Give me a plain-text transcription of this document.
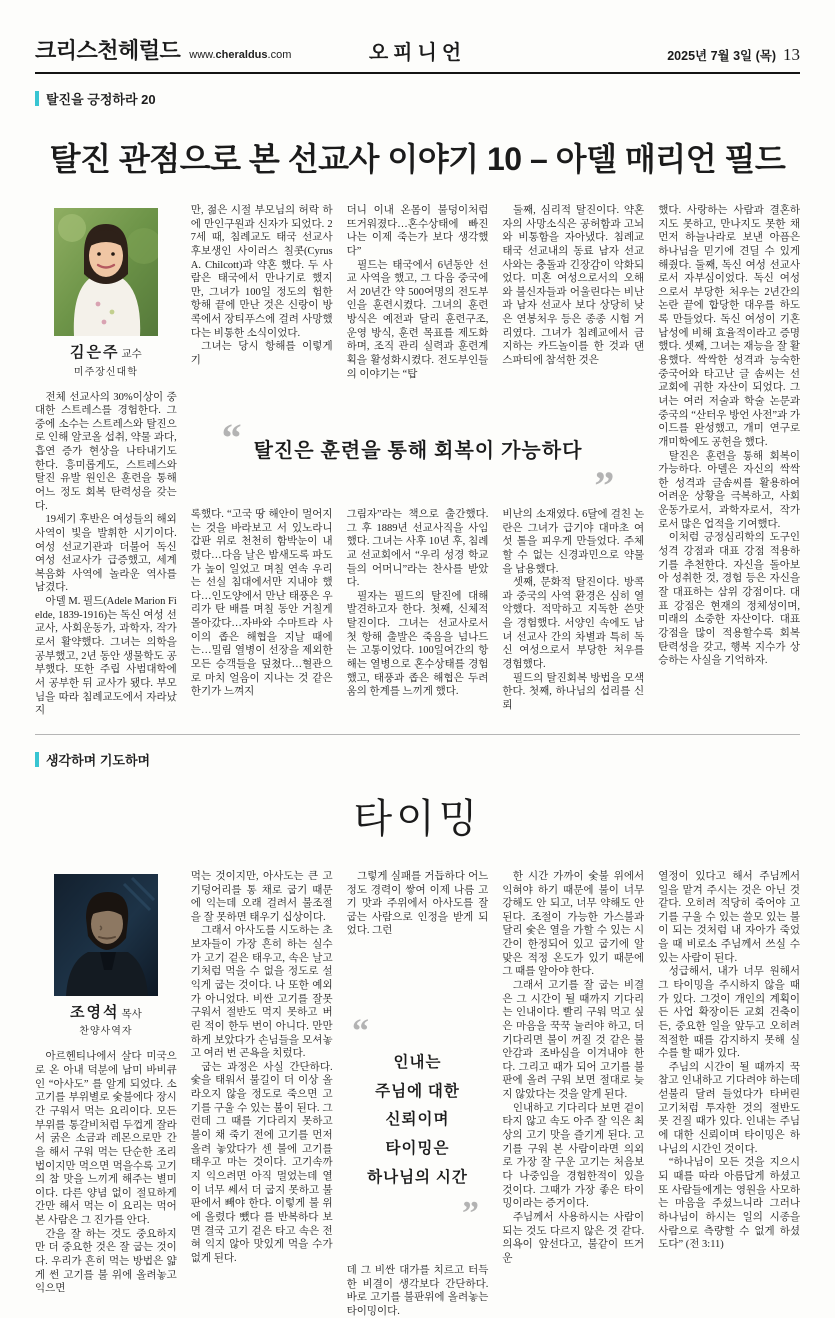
크리스천헤럴드 www.cheraldus.com	오피니언	2025년 7월 3일 (목) 13
탈진을 긍정하라 20
탈진 관점으로 본 선교사 이야기 10 – 아델 매리언 필드
김은주 교수
미주장신대학

전체 선교사의 30%이상이 중대한 스트레스를 경험한다. 그 중에 소수는 스트레스와 탈진으로 인해 알코올 섭취, 약물 과다, 흡연 증가 현상을 나타내기도 한다. 흥미롭게도, 스트레스와 탈진 유발 원인은 훈련을 통해 어느 정도 회복 탄력성을 갖는다.

19세기 후반은 여성들의 해외 사역이 빛을 발휘한 시기이다. 여성 선교기관과 더불어 독신 여성 선교사가 급증했고, 세계 복음화 사역에 놀라운 역사를 남겼다.

아델 M. 필드(Adele Marion Fielde, 1839-1916)는 독신 여성 선교사, 사회운동가, 과학자, 작가로서 활약했다. 그녀는 의학을 공부했고, 2년 동안 생물학도 공부했다. 또한 주립 사범대학에서 공부한 뒤 교사가 됐다. 부모님을 따라 침례교도에서 자라났지

만, 젊은 시절 부모님의 허락 하에 만인구원과 신자가 되었다. 27세 때, 침례교도 태국 선교사 후보생인 사이러스 칠콧(Cyrus A. Chilcott)과 약혼 했다. 두 사람은 태국에서 만나기로 했지만, 그녀가 100일 정도의 험한 항해 끝에 만난 것은 신랑이 방콕에서 장티푸스에 걸려 사망했다는 비통한 소식이었다.

그녀는 당시 항해를 이렇게 기

록했다. “고국 땅 해안이 멀어지는 것을 바라보고 서 있노라니 갑판 위로 천천히 함박눈이 내렸다…다음 날은 밤새도록 파도가 높이 일었고 며칠 연속 우리는 선실 침대에서만 지내야 했다…인도양에서 만난 태풍은 우리가 탄 배를 며칠 동안 거칠게 몰아갔다…자바와 수마트라 사이의 좁은 해협을 지날 때에는…밀림 열병이 선장을 제외한 모든 승객들을 덮쳤다…혈관으로 마치 얼음이 지나는 것 같은 한기가 느껴지

더니 이내 온몸이 불덩이처럼 뜨거워졌다…혼수상태에 빠진 나는 이제 죽는가 보다 생각했다”

필드는 태국에서 6년동안 선교 사역을 했고, 그 다음 중국에서 20년간 약 500여명의 전도부인을 훈련시켰다. 그녀의 훈련방식은 예전과 달리 훈련구조, 운영 방식, 훈련 목표를 제도화하며, 조직 관리 실력과 훈련계획을 활성화시켰다. 전도부인들의 이야기는 “탑

그림자”라는 책으로 출간했다. 그 후 1889년 선교사직을 사임했다. 그녀는 사후 10년 후, 침례교 선교회에서 “우리 성경 학교들의 어머니”라는 찬사를 받았다.

필자는 필드의 탈진에 대해 발견하고자 한다. 첫째, 신체적 탈진이다. 그녀는 선교사로서 첫 항해 출발은 죽음을 넘나드는 고통이었다. 100일여간의 항해는 열병으로 혼수상태를 경험했고, 태풍과 좁은 해협은 두려움의 한계를 느끼게 했다.

둘째, 심리적 탈진이다. 약혼자의 사망소식은 공허함과 고뇌와 비통함을 자아냈다. 침례교 태국 선교내의 동료 남자 선교사와는 충돌과 긴장감이 악화되었다. 미혼 여성으로서의 오해와 불신자들과 어울린다는 비난과 남자 선교사 보다 상당히 낮은 연봉처우 등은 종종 시험 거리였다. 그녀가 침례교에서 금지하는 카드놀이를 한 것과 댄스파티에 참석한 것은

비난의 소재였다. 6달에 걸친 논란은 그녀가 급기야 대마초 여섯 톨을 피우게 만들었다. 주체할 수 없는 신경과민으로 약물을 남용했다.

셋째, 문화적 탈진이다. 방콕과 중국의 사역 환경은 심히 열악했다. 적막하고 지독한 쓴맛을 경험했다. 서양인 속에도 남녀 선교사 간의 차별과 특히 독신 여성으로서 부당한 처우를 경험했다.

필드의 탈진회복 방법을 모색한다. 첫째, 하나님의 섭리를 신뢰

했다. 사랑하는 사람과 결혼하지도 못하고, 만나지도 못한 채 먼저 하늘나라로 보낸 아픔은 하나님을 믿기에 견딜 수 있게 해줬다. 둘째, 독신 여성 선교사로서 자부심이었다. 독신 여성으로서 부당한 처우는 2년간의 논란 끝에 합당한 대우를 하도록 만들었다. 독신 여성이 기혼 남성에 비해 효율적이라고 증명했다. 셋째, 그녀는 재능을 잘 활용했다. 싹싹한 성격과 능숙한 중국어와 타고난 글 솜씨는 선교회에 귀한 자산이 되었다. 그녀는 여러 저술과 학술 논문과 중국의 “산터우 방언 사전”과 가이드를 완성했고, 개미 연구로 개미학에도 공헌을 했다.

탈진은 훈련을 통해 회복이 가능하다. 아델은 자신의 싹싹한 성격과 글솜씨를 활용하여 어려운 상황을 극복하고, 사회운동가로서, 과학자로서, 작가로서 많은 업적을 기여했다.

이처럼 긍정심리학의 도구인 성격 강점과 대표 강점 적용하기를 추천한다. 자신을 돌아보아 성취한 것, 경험 등은 자신을 잘 대표하는 삼위 강점이다. 대표 강점은 현재의 정체성이며, 미래의 소중한 자산이다. 대표 강점을 많이 적용할수록 회복 탄력성을 갖고, 행복 지수가 상승하는 사실을 기억하자.

“ 탈진은 훈련을 통해 회복이 가능하다
”
생각하며 기도하며
타이밍
조영석 목사
찬양사역자

아르헨티나에서 살다 미국으로 온 아내 덕분에 남미 바비큐인 “아사도” 를 알게 되었다. 소고기를 부위별로 숯불에다 장시간 구워서 먹는 요리이다. 모든 부위를 통갈비처럼 두껍게 잘라서 굵은 소금과 레몬으로만 간을 해서 구워 먹는 단순한 조리법이지만 먹으면 먹을수록 고기의 참 맛을 느끼게 해주는 별미이다. 다른 양념 없이 절묘하게 간만 해서 먹는 이 요리는 먹어본 사람은 그 진가를 안다.

간을 잘 하는 것도 중요하지만 더 중요한 것은 잘 굽는 것이다. 우리가 흔히 먹는 방법은 얇게 썬 고기를 불 위에 올려놓고 익으면

먹는 것이지만, 아사도는 큰 고기덩어리를 통 채로 굽기 때문에 익는데 오래 걸려서 불조절을 잘 못하면 태우기 십상이다.

그래서 아사도를 시도하는 초보자들이 가장 흔히 하는 실수가 고기 겉은 태우고, 속은 날고기처럼 먹을 수 없을 정도로 설익게 굽는 것이다. 나 또한 예외가 아니었다. 비싼 고기를 잘못 구워서 절반도 먹지 못하고 버린 적이 한두 번이 아니다. 만만하게 보았다가 손님들을 모셔놓고 여러 번 곤욕을 치렀다.

굽는 과정은 사실 간단하다. 숯을 태워서 불길이 더 이상 올라오지 않을 정도로 죽으면 고기를 구울 수 있는 불이 된다. 그런데 그 때를 기다리지 못하고 불이 채 죽기 전에 고기를 먼저 올려 놓았다가 센 불에 고기를 태우고 마는 것이다. 고기속까지 익으려면 아직 멀었는데 열이 너무 쎄서 더 굽지 못하고 불판에서 빼야 한다. 이렇게 불 위에 올렸다 뺐다 를 반복하다 보면 결국 고기 겉은 타고 속은 전혀 익지 않아 맛있게 먹을 수가 없게 된다.

그렇게 실패를 거듭하다 어느 정도 경력이 쌓여 이제 나름 고기 맛과 주위에서 아사도를 잘 굽는 사람으로 인정을 받게 되었다. 그런

데 그 비싼 대가를 치르고 터득한 비결이 생각보다 간단하다. 바로 고기를 불판위에 올려놓는 타이밍이다.

한 시간 가까이 숯불 위에서 익혀야 하기 때문에 불이 너무 강해도 안 되고, 너무 약해도 안 된다. 조절이 가능한 가스불과 달리 숯은 열을 가할 수 있는 시간이 한정되어 있고 굽기에 알맞은 적정 온도가 있기 때문에 그 때를 알아야 한다.

그래서 고기를 잘 굽는 비결은 그 시간이 될 때까지 기다리는 인내이다. 빨리 구워 먹고 싶은 마음을 꾹꾹 눌러야 하고, 더 기다리면 불이 꺼질 것 같은 불안감과 조바심을 이겨내야 한다. 그리고 때가 되어 고기를 불판에 올려 구워 보면 절대로 늦지 않았다는 것을 알게 된다.

인내하고 기다리다 보면 겉이 타지 않고 속도 아주 잘 익은 최상의 고기 맛을 즐기게 된다. 고기를 구워 본 사람이라면 의외로 가장 잘 구운 고기는 처음보다 나중임을 경험한적이 있을 것이다. 그때가 가장 좋은 타이밍이라는 증거이다.

주님께서 사용하시는 사람이 되는 것도 다르지 않은 것 같다. 의욕이 앞선다고, 불같이 뜨거운

열정이 있다고 해서 주님께서 일을 맡겨 주시는 것은 아닌 것 같다. 오히려 적당히 죽어야 고기를 구울 수 있는 쓸모 있는 불이 되는 것처럼 내 자아가 죽었을 때 비로소 주님께서 쓰실 수 있는 사람이 된다.

성급해서, 내가 너무 원해서 그 타이밍을 주시하지 않을 때가 있다. 그것이 개인의 계획이든 사업 확장이든 교회 건축이든, 중요한 일을 앞두고 오히려 적절한 때를 감지하지 못해 실수를 할 때가 있다.

주님의 시간이 될 때까지 꾹 참고 인내하고 기다려야 하는데 섣불리 달려 들었다가 타버린 고기처럼 투자한 것의 절반도 못 건질 때가 있다. 인내는 주님에 대한 신뢰이며 타이밍은 하나님의 시간인 것이다.

“하나님이 모든 것을 지으시되 때를 따라 아름답게 하셨고 또 사람들에게는 영원을 사모하는 마음을 주셨느니라 그러나 하나님이 하시는 일의 시종을 사람으로 측량할 수 없게 하셨도다” (전 3:11)

“
인내는
주님에 대한
신뢰이며
타이밍은
하나님의 시간
”
